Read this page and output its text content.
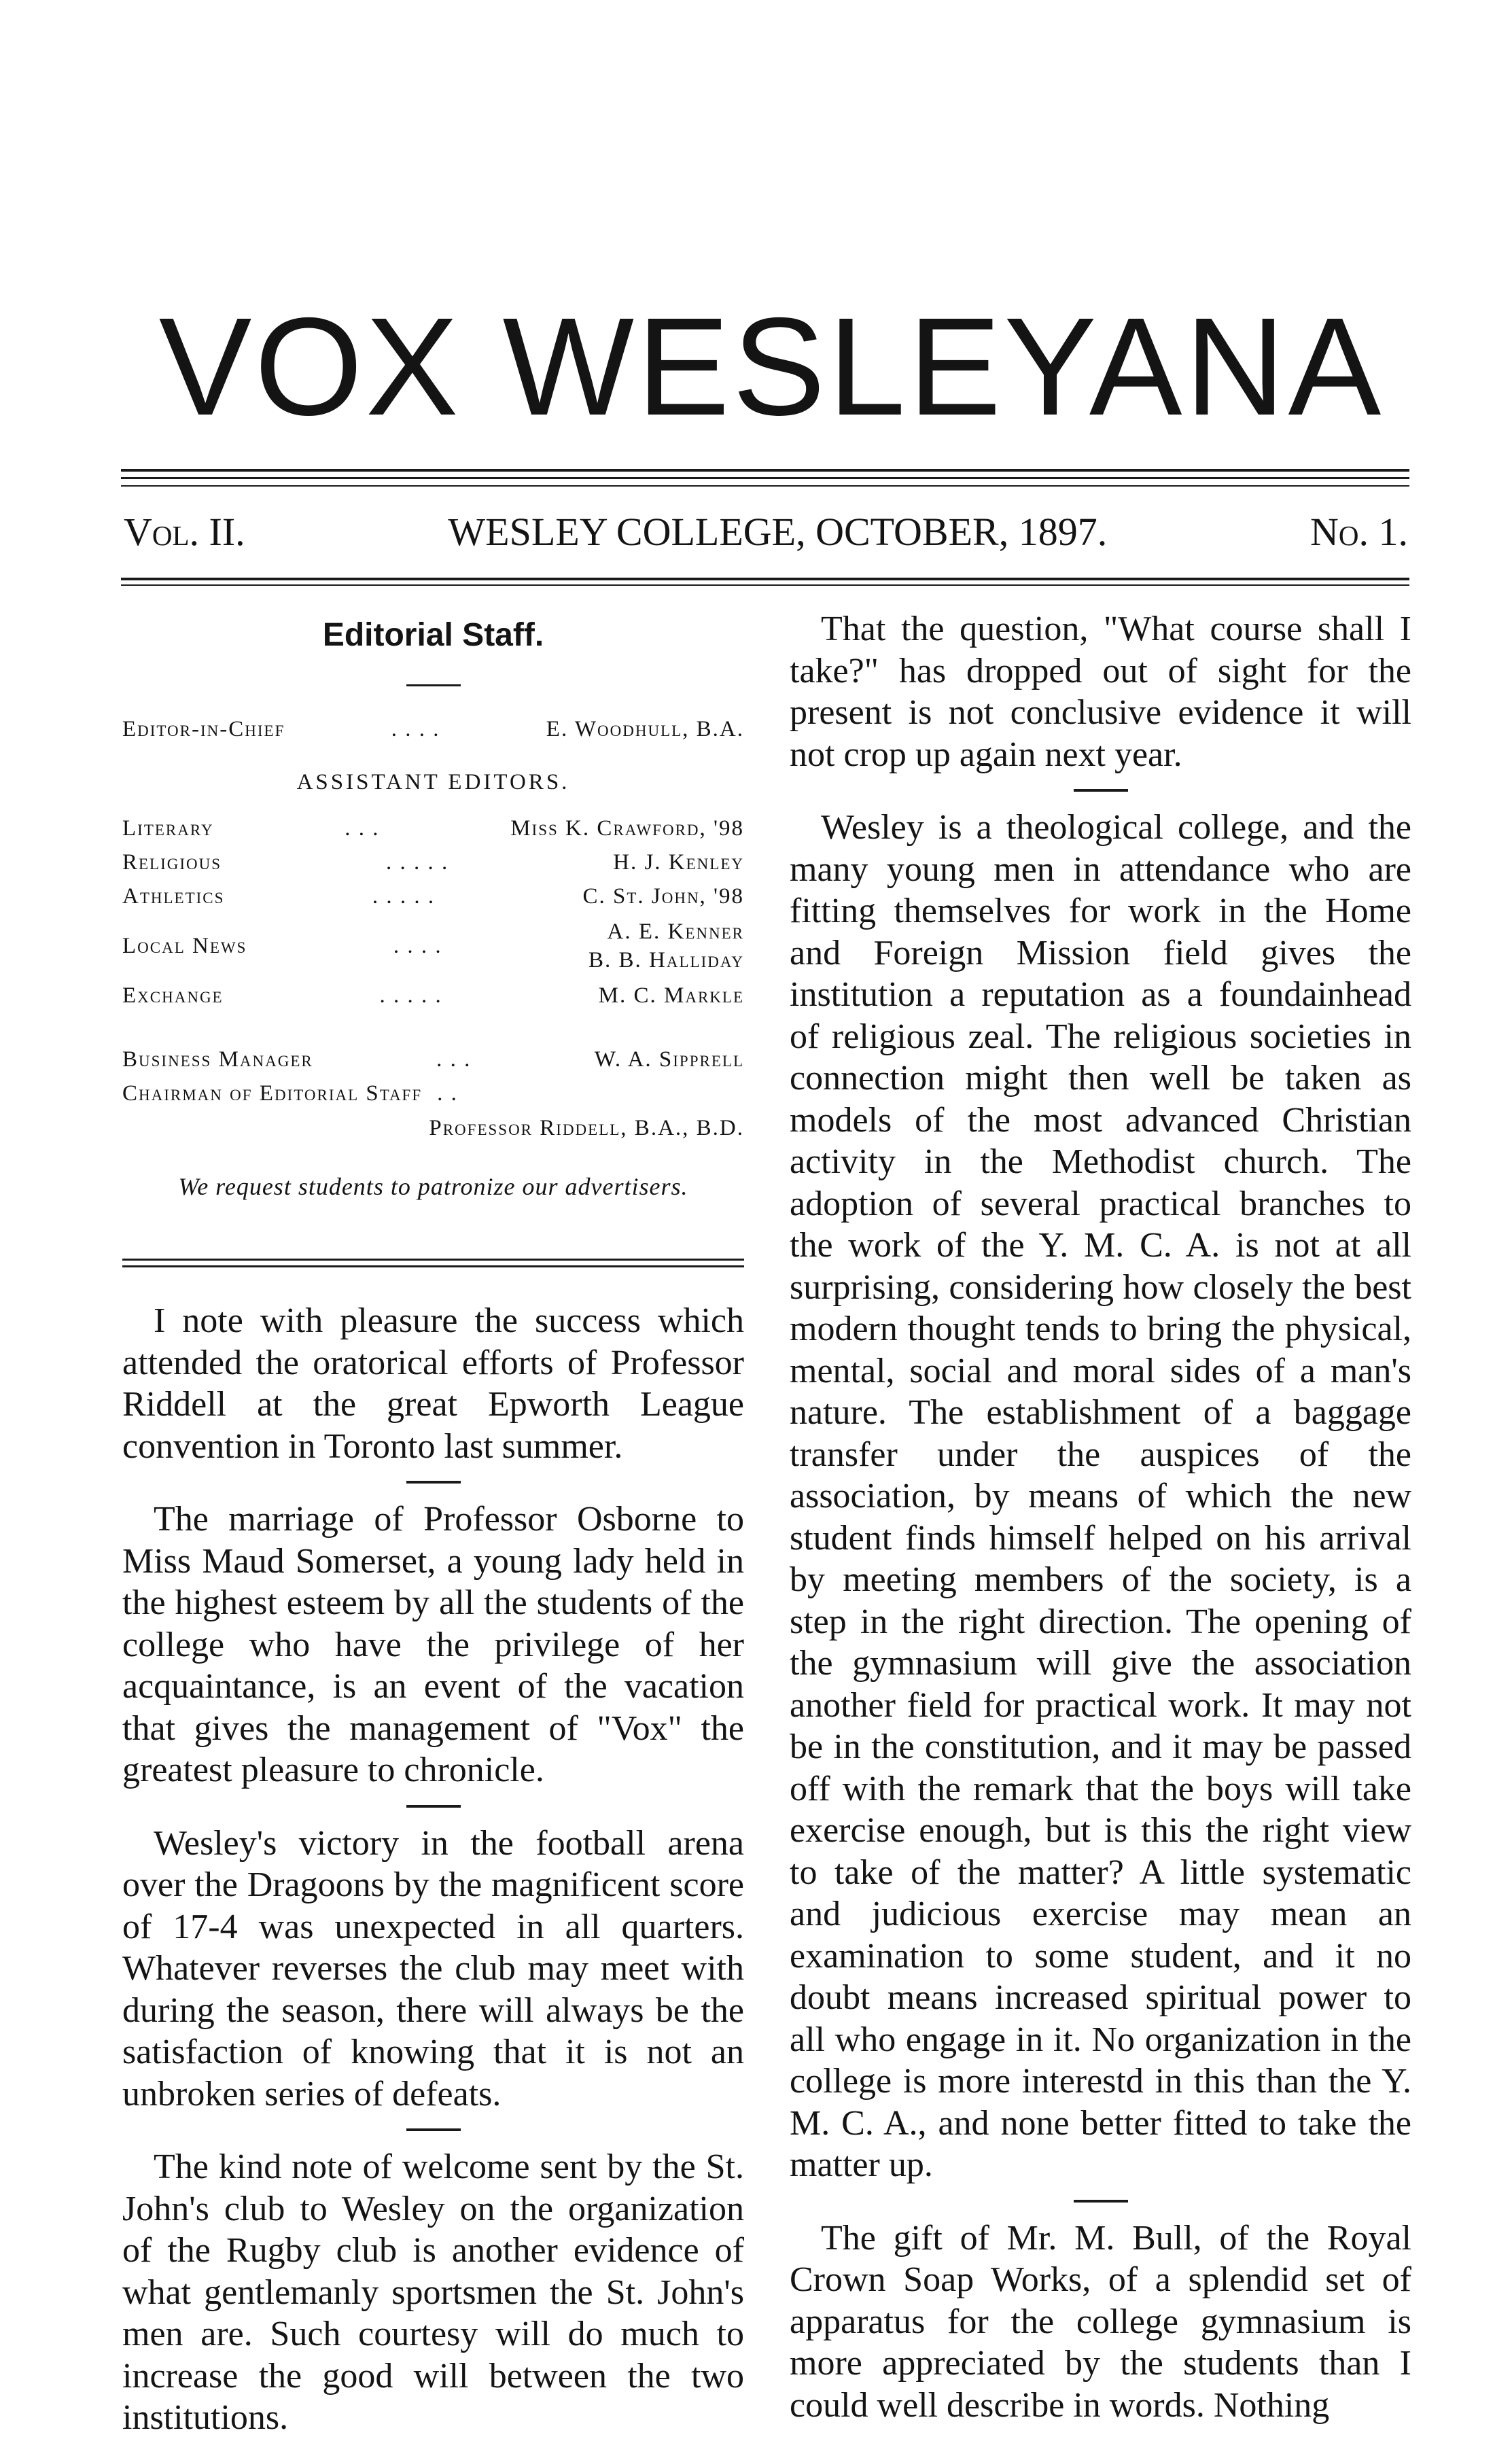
VOX WESLEYANA
Vol. II.	WESLEY COLLEGE, OCTOBER, 1897.	No. 1.
Editorial Staff.
Editor-in-Chief	. . . .	E. Woodhull, B.A.
ASSISTANT EDITORS.
Literary	. . .	Miss K. Crawford, '98
Religious	. . . . .	H. J. Kenley
Athletics	. . . . .	C. St. John, '98
Local News	. . . .
A. E. Kenner
B. B. Halliday
Exchange	. . . . .	M. C. Markle
Business Manager	. . .	W. A. Sipprell
Chairman of Editorial Staff . .
Professor Riddell, B.A., B.D.
We request students to patronize our advertisers.

I note with pleasure the success which attended the oratorical efforts of Professor Riddell at the great Epworth League convention in Toronto last summer.

The marriage of Professor Osborne to Miss Maud Somerset, a young lady held in the highest esteem by all the students of the college who have the privilege of her acquaintance, is an event of the vacation that gives the management of "Vox" the greatest pleasure to chronicle.

Wesley's victory in the football arena over the Dragoons by the magnificent score of 17-4 was unexpected in all quarters. Whatever reverses the club may meet with during the season, there will always be the satisfaction of knowing that it is not an unbroken series of defeats.

The kind note of welcome sent by the St. John's club to Wesley on the organization of the Rugby club is another evidence of what gentlemanly sportsmen the St. John's men are. Such courtesy will do much to increase the good will between the two institutions.

That the question, "What course shall I take?" has dropped out of sight for the present is not conclusive evidence it will not crop up again next year.

Wesley is a theological college, and the many young men in attendance who are fitting themselves for work in the Home and Foreign Mission field gives the institution a reputation as a foundainhead of religious zeal. The religious societies in connection might then well be taken as models of the most advanced Christian activity in the Methodist church. The adoption of several practical branches to the work of the Y. M. C. A. is not at all surprising, considering how closely the best modern thought tends to bring the physical, mental, social and moral sides of a man's nature. The establishment of a baggage transfer under the auspices of the association, by means of which the new student finds himself helped on his arrival by meeting members of the society, is a step in the right direction. The opening of the gymnasium will give the association another field for practical work. It may not be in the constitution, and it may be passed off with the remark that the boys will take exercise enough, but is this the right view to take of the matter? A little systematic and judicious exercise may mean an examination to some student, and it no doubt means increased spiritual power to all who engage in it. No organization in the college is more interestd in this than the Y. M. C. A., and none better fitted to take the matter up.

The gift of Mr. M. Bull, of the Royal Crown Soap Works, of a splendid set of apparatus for the college gymnasium is more appreciated by the students than I could well describe in words. Nothing
